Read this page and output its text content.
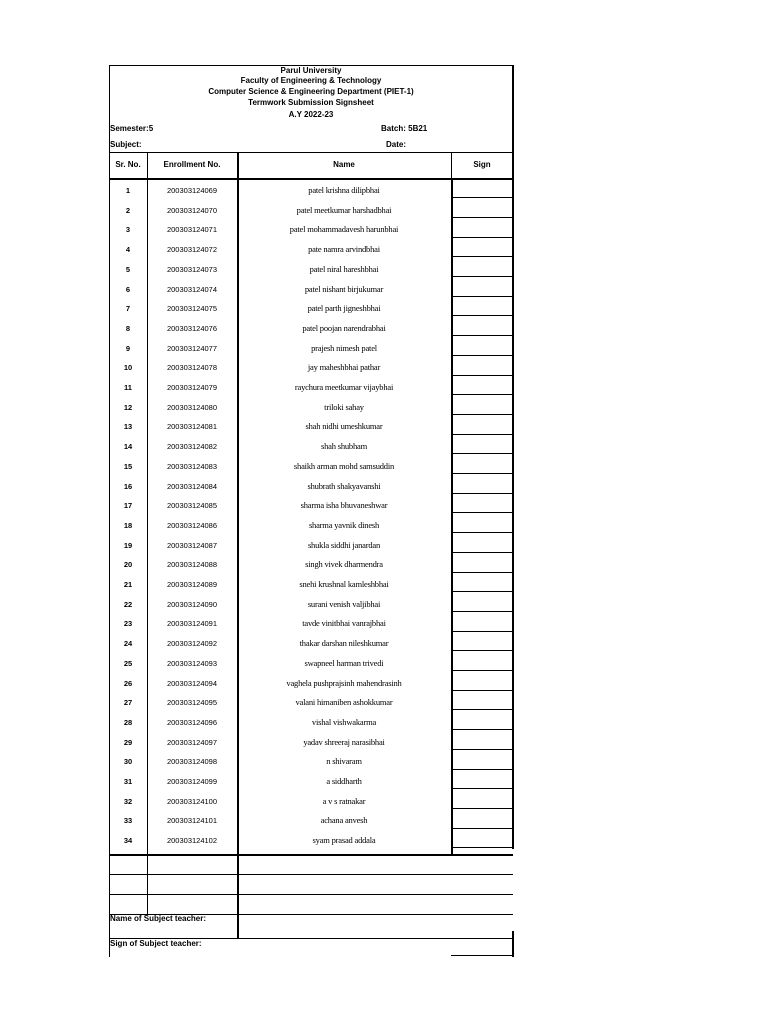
Parul University
Faculty of Engineering & Technology
Computer Science & Engineering Department (PIET-1)
Termwork Submission Signsheet
A.Y 2022-23
Semester:5	Batch: 5B21
Subject:	Date:
Sr. No.	Enrollment No.	Name	Sign
1	200303124069	patel krishna dilipbhai
2	200303124070	patel meetkumar harshadbhai
3	200303124071	patel mohammadavesh harunbhai
4	200303124072	pate namra arvindbhai
5	200303124073	patel niral hareshbhai
6	200303124074	patel nishant birjukumar
7	200303124075	patel parth jigneshbhai
8	200303124076	patel poojan narendrabhai
9	200303124077	prajesh nimesh patel
10	200303124078	jay maheshbhai pathar
11	200303124079	raychura meetkumar vijaybhai
12	200303124080	triloki sahay
13	200303124081	shah nidhi umeshkumar
14	200303124082	shah shubham
15	200303124083	shaikh arman mohd samsuddin
16	200303124084	shubrath shakyavanshi
17	200303124085	sharma isha bhuvaneshwar
18	200303124086	sharma yavnik dinesh
19	200303124087	shukla siddhi janardan
20	200303124088	singh vivek dharmendra
21	200303124089	snehi krushnal kamleshbhai
22	200303124090	surani venish valjibhai
23	200303124091	tavde vinitbhai vanrajbhai
24	200303124092	thakar darshan nileshkumar
25	200303124093	swapneel harman trivedi
26	200303124094	vaghela pushprajsinh mahendrasinh
27	200303124095	valani himaniben ashokkumar
28	200303124096	vishal vishwakarma
29	200303124097	yadav shreeraj narasibhai
30	200303124098	n shivaram
31	200303124099	a siddharth
32	200303124100	a v s ratnakar
33	200303124101	achana anvesh
34	200303124102	syam prasad addala
Name of Subject teacher:
Sign of Subject teacher:
